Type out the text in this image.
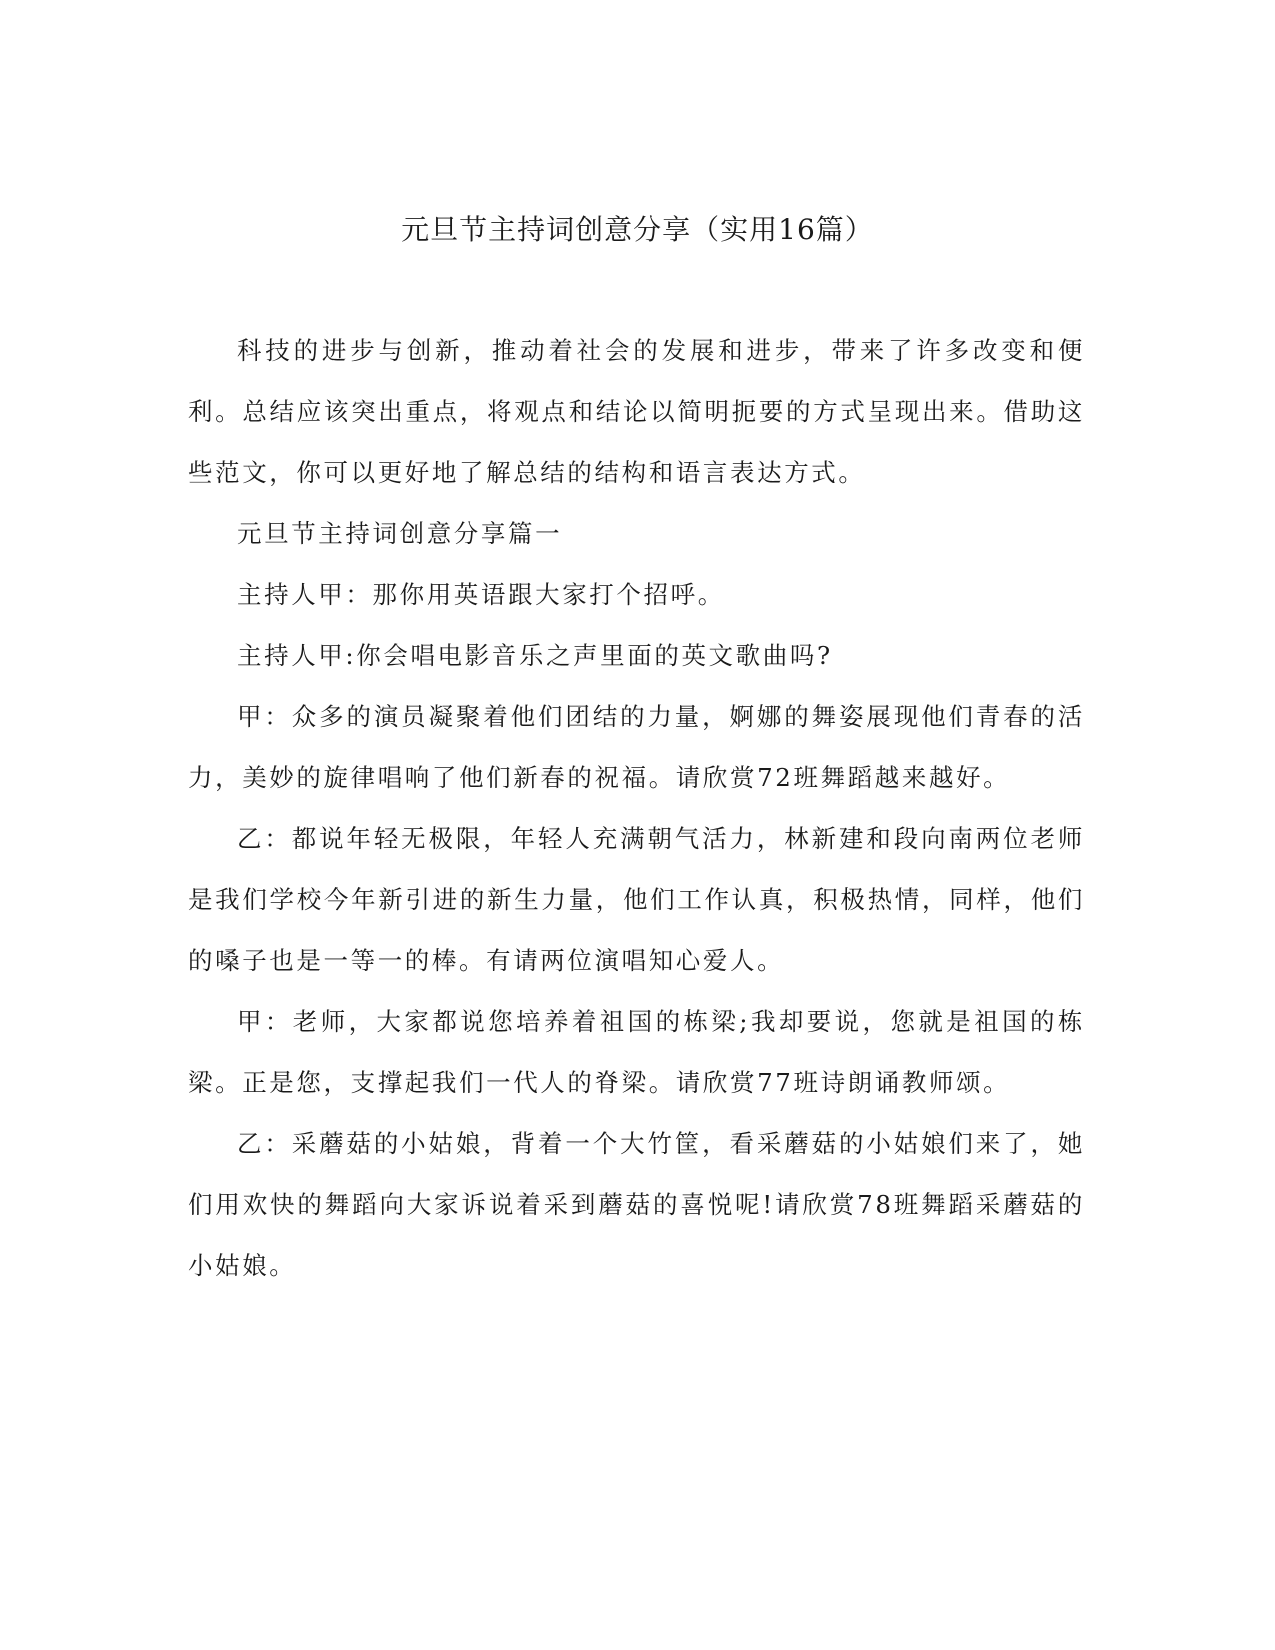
元旦节主持词创意分享（实用16篇）

科技的进步与创新，推动着社会的发展和进步，带来了许多改变和便利。总结应该突出重点，将观点和结论以简明扼要的方式呈现出来。借助这些范文，你可以更好地了解总结的结构和语言表达方式。

元旦节主持词创意分享篇一

主持人甲：那你用英语跟大家打个招呼。

主持人甲:你会唱电影音乐之声里面的英文歌曲吗?

甲：众多的演员凝聚着他们团结的力量，婀娜的舞姿展现他们青春的活力，美妙的旋律唱响了他们新春的祝福。请欣赏72班舞蹈越来越好。

乙：都说年轻无极限，年轻人充满朝气活力，林新建和段向南两位老师是我们学校今年新引进的新生力量，他们工作认真，积极热情，同样，他们的嗓子也是一等一的棒。有请两位演唱知心爱人。

甲：老师，大家都说您培养着祖国的栋梁;我却要说，您就是祖国的栋梁。正是您，支撑起我们一代人的脊梁。请欣赏77班诗朗诵教师颂。

乙：采蘑菇的小姑娘，背着一个大竹筐，看采蘑菇的小姑娘们来了，她们用欢快的舞蹈向大家诉说着采到蘑菇的喜悦呢!请欣赏78班舞蹈采蘑菇的小姑娘。
